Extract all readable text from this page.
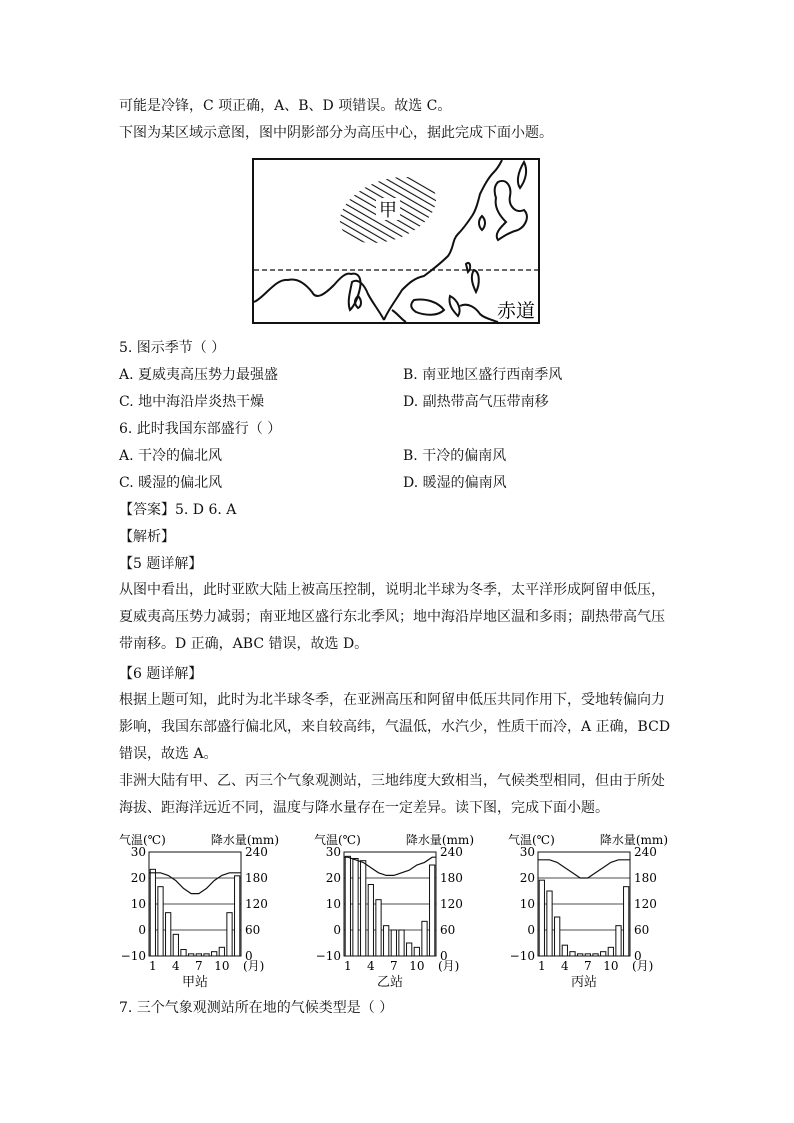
可能是冷锋，C 项正确，A、B、D 项错误。故选 C。
下图为某区域示意图，图中阴影部分为高压中心，据此完成下面小题。
甲
赤道
5. 图示季节（ ）
A. 夏威夷高压势力最强盛	B. 南亚地区盛行西南季风
C. 地中海沿岸炎热干燥	D. 副热带高气压带南移
6. 此时我国东部盛行（ ）
A. 干冷的偏北风	B. 干冷的偏南风
C. 暖湿的偏北风	D. 暖湿的偏南风
【答案】5. D 6. A
【解析】
【5 题详解】
从图中看出，此时亚欧大陆上被高压控制，说明北半球为冬季，太平洋形成阿留申低压，夏威夷高压势力减弱；南亚地区盛行东北季风；地中海沿岸地区温和多雨；副热带高气压带南移。D 正确，ABC 错误，故选 D。
【6 题详解】
根据上题可知，此时为北半球冬季，在亚洲高压和阿留申低压共同作用下，受地转偏向力影响，我国东部盛行偏北风，来自较高纬，气温低，水汽少，性质干而冷，A 正确，BCD 错误，故选 A。
非洲大陆有甲、乙、丙三个气象观测站，三地纬度大致相当，气候类型相同，但由于所处海拔、距海洋远近不同，温度与降水量存在一定差异。读下图，完成下面小题。
气温(℃)	降水量(mm)
30
20
10
0
−10
240
180
120
60
0
1 4 7 10 (月)
甲站
气温(℃)	降水量(mm)
30
20
10
0
−10
240
180
120
60
0
1 4 7 10 (月)
乙站
气温(℃)	降水量(mm)
30
20
10
0
−10
240
180
120
60
0
1 4 7 10 (月)
丙站
7. 三个气象观测站所在地的气候类型是（ ）
